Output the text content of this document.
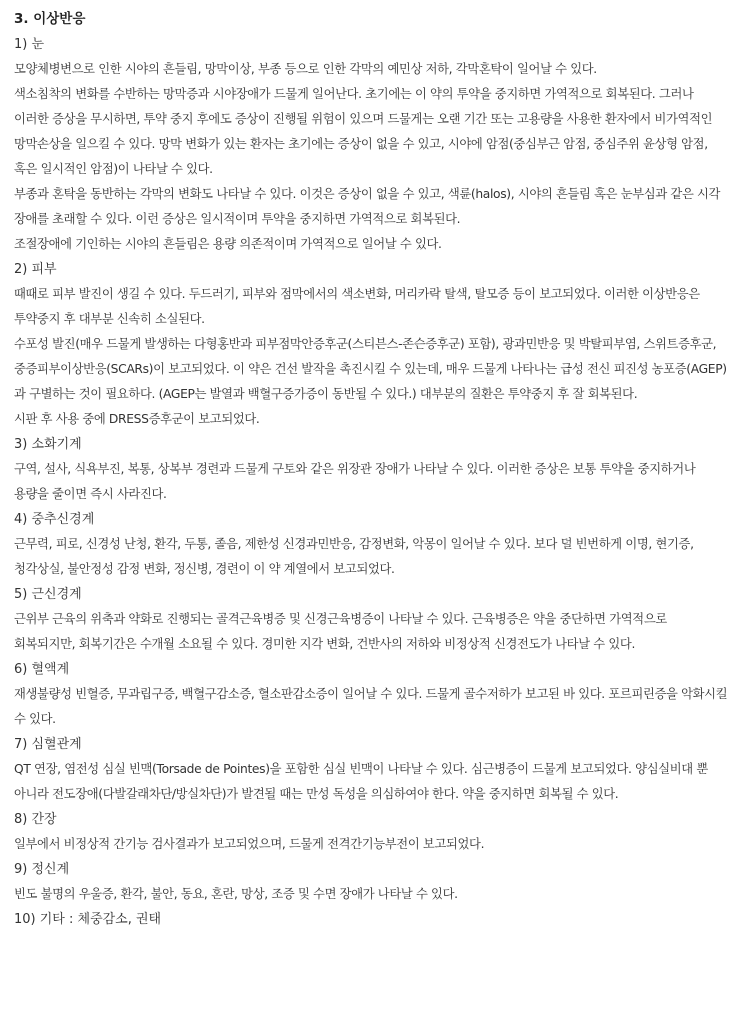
3. 이상반응

1) 눈

모양체병변으로 인한 시야의 흔들림, 망막이상, 부종 등으로 인한 각막의 예민상 저하, 각막혼탁이 일어날 수 있다.

색소침착의 변화를 수반하는 망막증과 시야장애가 드물게 일어난다. 초기에는 이 약의 투약을 중지하면 가역적으로 회복된다. 그러나 이러한 증상을 무시하면, 투약 중지 후에도 증상이 진행될 위험이 있으며 드물게는 오랜 기간 또는 고용량을 사용한 환자에서 비가역적인 망막손상을 일으킬 수 있다. 망막 변화가 있는 환자는 초기에는 증상이 없을 수 있고, 시야에 암점(중심부근 암점, 중심주위 윤상형 암점, 혹은 일시적인 암점)이 나타날 수 있다.

부종과 혼탁을 동반하는 각막의 변화도 나타날 수 있다. 이것은 증상이 없을 수 있고, 색륜(halos), 시야의 흔들림 혹은 눈부심과 같은 시각 장애를 초래할 수 있다. 이런 증상은 일시적이며 투약을 중지하면 가역적으로 회복된다.

조절장애에 기인하는 시야의 흔들림은 용량 의존적이며 가역적으로 일어날 수 있다.

2) 피부

때때로 피부 발진이 생길 수 있다. 두드러기, 피부와 점막에서의 색소변화, 머리카락 탈색, 탈모증 등이 보고되었다. 이러한 이상반응은 투약중지 후 대부분 신속히 소실된다.

수포성 발진(매우 드물게 발생하는 다형홍반과 피부점막안증후군(스티븐스-존슨증후군) 포함), 광과민반응 및 박탈피부염, 스위트증후군, 중증피부이상반응(SCARs)이 보고되었다. 이 약은 건선 발작을 촉진시킬 수 있는데, 매우 드물게 나타나는 급성 전신 피진성 농포증(AGEP)과 구별하는 것이 필요하다. (AGEP는 발열과 백혈구증가증이 동반될 수 있다.) 대부분의 질환은 투약중지 후 잘 회복된다.

시판 후 사용 중에 DRESS증후군이 보고되었다.

3) 소화기계

구역, 설사, 식욕부진, 복통, 상복부 경련과 드물게 구토와 같은 위장관 장애가 나타날 수 있다. 이러한 증상은 보통 투약을 중지하거나 용량을 줄이면 즉시 사라진다.

4) 중추신경계

근무력, 피로, 신경성 난청, 환각, 두통, 졸음, 제한성 신경과민반응, 감정변화, 악몽이 일어날 수 있다. 보다 덜 빈번하게 이명, 현기증, 청각상실, 불안정성 감정 변화, 정신병, 경련이 이 약 계열에서 보고되었다.

5) 근신경계

근위부 근육의 위축과 약화로 진행되는 골격근육병증 및 신경근육병증이 나타날 수 있다. 근육병증은 약을 중단하면 가역적으로 회복되지만, 회복기간은 수개월 소요될 수 있다. 경미한 지각 변화, 건반사의 저하와 비정상적 신경전도가 나타날 수 있다.

6) 혈액계

재생불량성 빈혈증, 무과립구증, 백혈구감소증, 혈소판감소증이 일어날 수 있다. 드물게 골수저하가 보고된 바 있다. 포르피린증을 악화시킬 수 있다.

7) 심혈관계

QT 연장, 염전성 심실 빈맥(Torsade de Pointes)을 포함한 심실 빈맥이 나타날 수 있다. 심근병증이 드물게 보고되었다. 양심실비대 뿐 아니라 전도장애(다발갈래차단/방실차단)가 발견될 때는 만성 독성을 의심하여야 한다. 약을 중지하면 회복될 수 있다.

8) 간장

일부에서 비정상적 간기능 검사결과가 보고되었으며, 드물게 전격간기능부전이 보고되었다.

9) 정신계

빈도 불명의 우울증, 환각, 불안, 동요, 혼란, 망상, 조증 및 수면 장애가 나타날 수 있다.

10) 기타 : 체중감소, 권태
